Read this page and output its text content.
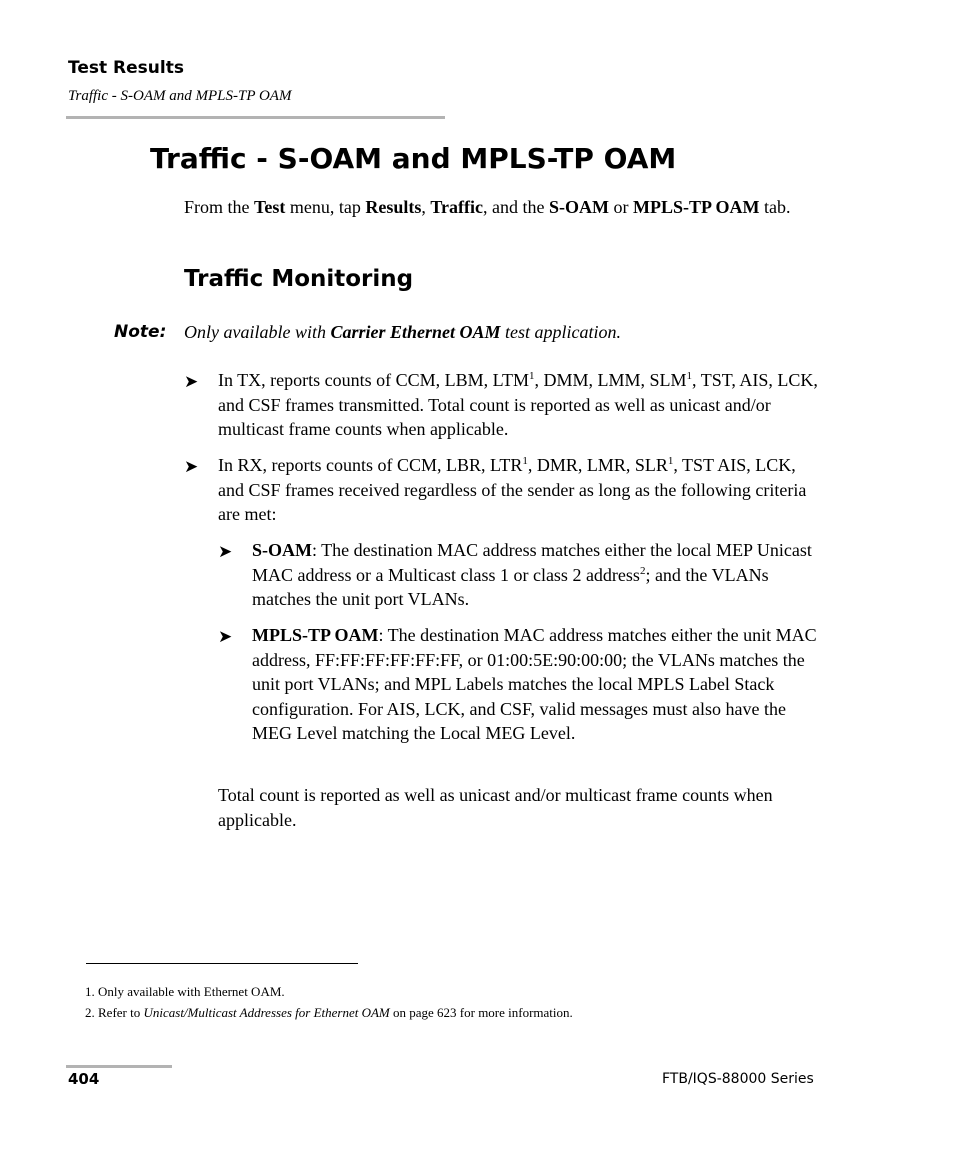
Test Results
Traffic - S-OAM and MPLS-TP OAM
Traffic - S-OAM and MPLS-TP OAM
From the Test menu, tap Results, Traffic, and the S-OAM or MPLS-TP OAM tab.
Traffic Monitoring
Note: Only available with Carrier Ethernet OAM test application.
➤ In TX, reports counts of CCM, LBM, LTM$^1$, DMM, LMM, SLM$^1$, TST, AIS, LCK, and CSF frames transmitted. Total count is reported as well as unicast and/or multicast frame counts when applicable.
➤ In RX, reports counts of CCM, LBR, LTR$^1$, DMR, LMR, SLR$^1$, TST AIS, LCK, and CSF frames received regardless of the sender as long as the following criteria are met:
➤ S-OAM: The destination MAC address matches either the local MEP Unicast MAC address or a Multicast class 1 or class 2 address$^2$; and the VLANs matches the unit port VLANs.
➤ MPLS-TP OAM: The destination MAC address matches either the unit MAC address, FF:FF:FF:FF:FF:FF, or 01:00:5E:90:00:00; the VLANs matches the unit port VLANs; and MPL Labels matches the local MPLS Label Stack configuration. For AIS, LCK, and CSF, valid messages must also have the MEG Level matching the Local MEG Level.
Total count is reported as well as unicast and/or multicast frame counts when applicable.
1. Only available with Ethernet OAM.
2. Refer to Unicast/Multicast Addresses for Ethernet OAM on page 623 for more information.
404	FTB/IQS-88000 Series
